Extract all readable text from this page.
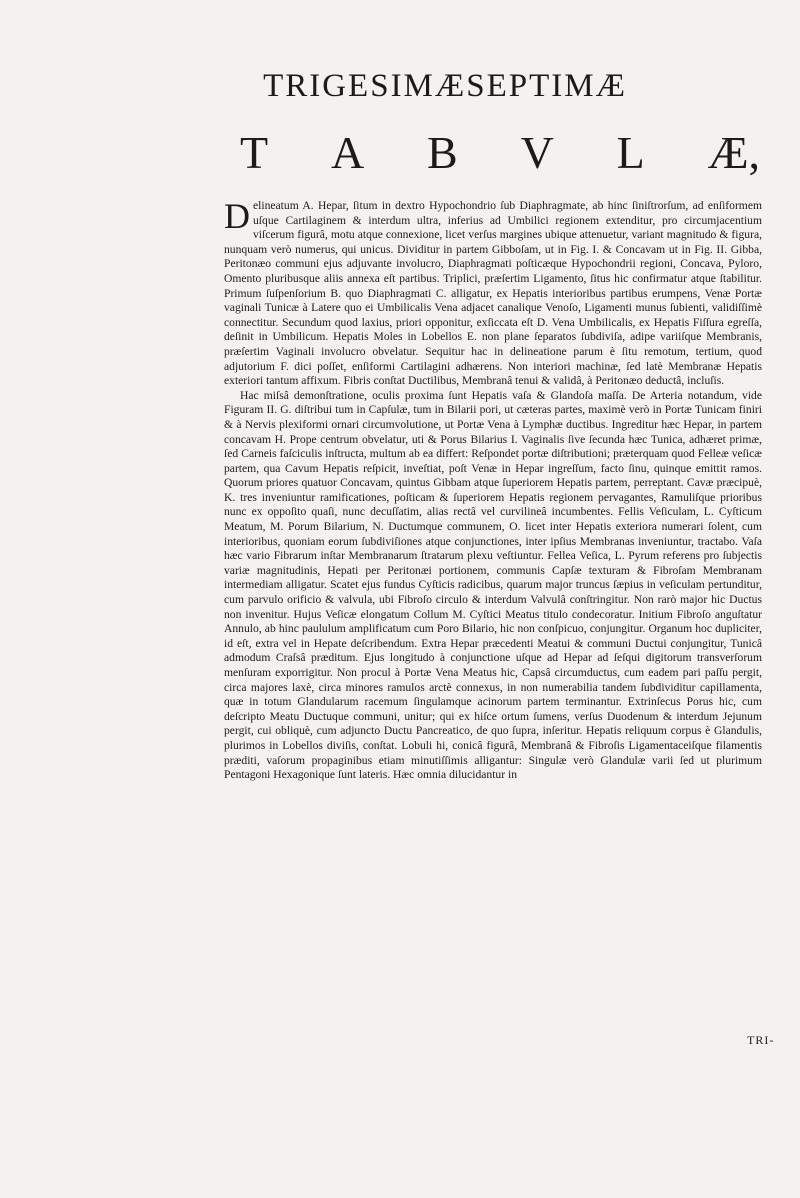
TRIGESIMÆSEPTIMÆ
T A B V L Æ,

Delineatum A. Hepar, ſitum in dextro Hypochondrio ſub Diaphragmate, ab hinc ſiniſtrorſum, ad enſiformem uſque Cartilaginem & interdum ultra, inferius ad Umbilici regionem extenditur, pro circumjacentium viſcerum figurâ, motu atque connexione, licet verſus margines ubique attenuetur, variant magnitudo & figura, nunquam verò numerus, qui unicus. Dividitur in partem Gibboſam, ut in Fig. I. & Concavam ut in Fig. II. Gibba, Peritonæo communi ejus adjuvante involucro, Diaphragmati poſticæque Hypochondrii regioni, Concava, Pyloro, Omento pluribusque aliis annexa eſt partibus. Triplici, præſertim Ligamento, ſitus hic confirmatur atque ſtabilitur. Primum ſuſpenſorium B. quo Diaphragmati C. alligatur, ex Hepatis interioribus partibus erumpens, Venæ Portæ vaginali Tunicæ à Latere quo ei Umbilicalis Vena adjacet canalique Venoſo, Ligamenti munus ſubienti, validiſſimè connectitur. Secundum quod laxius, priori opponitur, exſiccata eſt D. Vena Umbilicalis, ex Hepatis Fiſſura egreſſa, deſinit in Umbilicum. Hepatis Moles in Lobellos E. non plane ſeparatos ſubdiviſa, adipe variiſque Membranis, præſertim Vaginali involucro obvelatur. Sequitur hac in delineatione parum è ſitu remotum, tertium, quod adjutorium F. dici poſſet, enſiformi Cartilagini adhærens. Non interiori machinæ, ſed latè Membranæ Hepatis exteriori tantum affixum. Fibris conſtat Ductilibus, Membranâ tenui & validâ, à Peritonæo deductâ, incluſis.

Hac miſsâ demonſtratione, oculis proxima ſunt Hepatis vaſa & Glandoſa maſſa. De Arteria notandum, vide Figuram II. G. diſtribui tum in Capſulæ, tum in Bilarii pori, ut cæteras partes, maximè verò in Portæ Tunicam finiri & à Nervis plexiformi ornari circumvolutione, ut Portæ Vena à Lymphæ ductibus. Ingreditur hæc Hepar, in partem concavam H. Prope centrum obvelatur, uti & Porus Bilarius I. Vaginalis ſive ſecunda hæc Tunica, adhæret primæ, ſed Carneis faſciculis inſtructa, multum ab ea differt: Reſpondet portæ diſtributioni; præterquam quod Felleæ veſicæ partem, qua Cavum Hepatis reſpicit, inveſtiat, poſt Venæ in Hepar ingreſſum, facto ſinu, quinque emittit ramos. Quorum priores quatuor Concavam, quintus Gibbam atque ſuperiorem Hepatis partem, perreptant. Cavæ præcipuè, K. tres inveniuntur ramificationes, poſticam & ſuperiorem Hepatis regionem pervagantes, Ramuliſque prioribus nunc ex oppoſito quaſi, nunc decuſſatim, alias rectâ vel curvilineâ incumbentes. Fellis Veſiculam, L. Cyſticum Meatum, M. Porum Bilarium, N. Ductumque communem, O. licet inter Hepatis exteriora numerari ſolent, cum interioribus, quoniam eorum ſubdiviſiones atque conjunctiones, inter ipſius Membranas inveniuntur, tractabo. Vaſa hæc vario Fibrarum inſtar Membranarum ſtratarum plexu veſtiuntur. Fellea Veſica, L. Pyrum referens pro ſubjectis variæ magnitudinis, Hepati per Peritonæi portionem, communis Capſæ texturam & Fibroſam Membranam intermediam alligatur. Scatet ejus fundus Cyſticis radicibus, quarum major truncus ſæpius in veſiculam pertunditur, cum parvulo orificio & valvula, ubi Fibroſo circulo & interdum Valvulâ conſtringitur. Non rarò major hic Ductus non invenitur. Hujus Veſicæ elongatum Collum M. Cyſtici Meatus titulo condecoratur. Initium Fibroſo anguſtatur Annulo, ab hinc paululum amplificatum cum Poro Bilario, hic non conſpicuo, conjungitur. Organum hoc dupliciter, id eſt, extra vel in Hepate deſcribendum. Extra Hepar præcedenti Meatui & communi Ductui conjungitur, Tunicâ admodum Craſsâ præditum. Ejus longitudo à conjunctione uſque ad Hepar ad ſeſqui digitorum transverſorum menſuram exporrigitur. Non procul à Portæ Vena Meatus hic, Capsâ circumductus, cum eadem pari paſſu pergit, circa majores laxè, circa minores ramulos arctè connexus, in non numerabilia tandem ſubdividitur capillamenta, quæ in totum Glandularum racemum ſingulamque acinorum partem terminantur. Extrinſecus Porus hic, cum deſcripto Meatu Ductuque communi, unitur; qui ex hiſce ortum ſumens, verſus Duodenum & interdum Jejunum pergit, cui obliquè, cum adjuncto Ductu Pancreatico, de quo ſupra, inſeritur. Hepatis reliquum corpus è Glandulis, plurimos in Lobellos diviſis, conſtat. Lobuli hi, conicâ figurâ, Membranâ & Fibroſis Ligamentaceiſque filamentis præditi, vaſorum propaginibus etiam minutiſſimis alligantur: Singulæ verò Glandulæ varii ſed ut plurimum Pentagoni Hexagonique ſunt lateris. Hæc omnia dilucidantur in

TRI-
